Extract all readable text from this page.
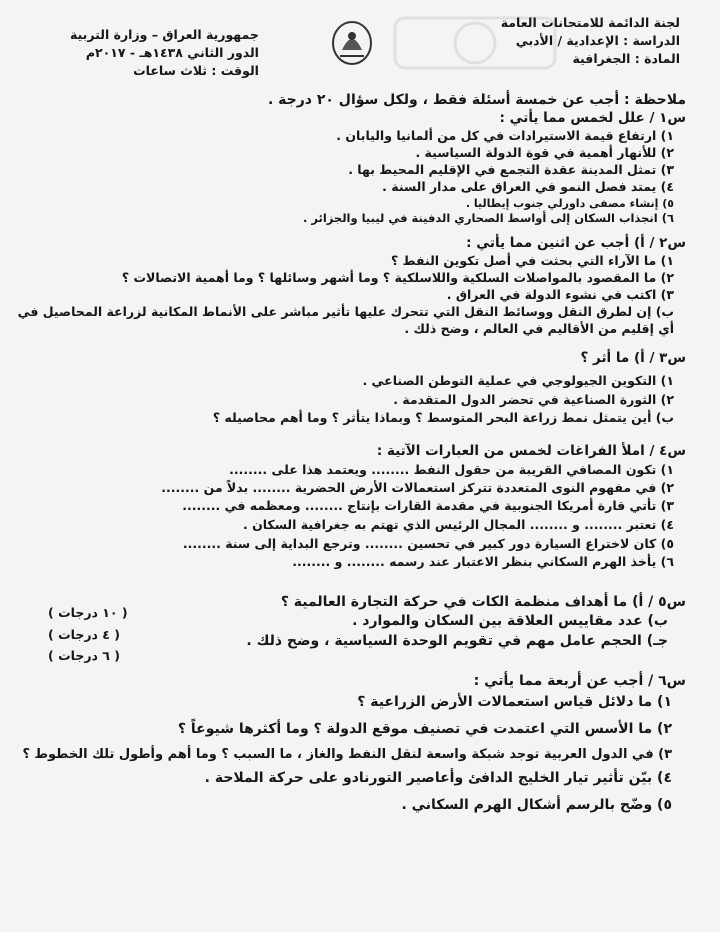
لجنة الدائمة للامتحانات العامة
الدراسة : الإعدادية / الأدبي
المادة : الجغرافية
جمهورية العراق – وزارة التربية
الدور الثاني ١٤٣٨هـ - ٢٠١٧م
الوقت : ثلاث ساعات
ملاحظة : أجب عن خمسة أسئلة فقط ، ولكل سؤال ٢٠ درجة .
س١ / علل لخمس مما يأتي :
١) ارتفاع قيمة الاستيرادات في كل من ألمانيا واليابان .
٢) للأنهار أهمية في قوة الدولة السياسية .
٣) تمثل المدينة عقدة التجمع في الإقليم المحيط بها .
٤) يمتد فصل النمو في العراق على مدار السنة .
٥) إنشاء مصفى داورلي جنوب إيطاليا .
٦) انجذاب السكان إلى أواسط الصحاري الدفينة في ليبيا والجزائر .
س٢ / أ) أجب عن اثنين مما يأتي :
١) ما الآراء التي بحثت في أصل تكوين النفط ؟
٢) ما المقصود بالمواصلات السلكية واللاسلكية ؟ وما أشهر وسائلها ؟ وما أهمية الاتصالات ؟
٣) اكتب في نشوء الدولة في العراق .
ب) إن لطرق النقل ووسائط النقل التي تتحرك عليها تأثير مباشر على الأنماط المكانية لزراعة المحاصيل في
أي إقليم من الأقاليم في العالم ، وضح ذلك .
س٣ / أ) ما أثر ؟
١) التكوين الجيولوجي في عملية التوطن الصناعي .
٢) الثورة الصناعية في تحضر الدول المتقدمة .
ب) أين يتمثل نمط زراعة البحر المتوسط ؟ وبماذا يتأثر ؟ وما أهم محاصيله ؟
س٤ / املأ الفراغات لخمس من العبارات الآتية :
١) تكون المصافي القريبة من حقول النفط ........ ويعتمد هذا على ........
٢) في مفهوم النوى المتعددة تتركز استعمالات الأرض الحضرية ........ بدلاً من ........
٣) تأتي قارة أمريكا الجنوبية في مقدمة القارات بإنتاج ........ ومعظمه في ........
٤) تعتبر ........ و ........ المجال الرئيس الذي تهتم به جغرافية السكان .
٥) كان لاختراع السيارة دور كبير في تحسين ........ وترجع البداية إلى سنة ........
٦) يأخذ الهرم السكاني بنظر الاعتبار عند رسمه ........ و ........
س٥ / أ) ما أهداف منظمة الكات في حركة التجارة العالمية ؟
ب) عدد مقاييس العلاقة بين السكان والموارد .
جـ) الحجم عامل مهم في تقويم الوحدة السياسية ، وضح ذلك .
( ١٠ درجات )
( ٤ درجات )
( ٦ درجات )
س٦ / أجب عن أربعة مما يأتي :
١) ما دلائل قياس استعمالات الأرض الزراعية ؟
٢) ما الأسس التي اعتمدت في تصنيف موقع الدولة ؟ وما أكثرها شيوعاً ؟
٣) في الدول العربية توجد شبكة واسعة لنقل النفط والغاز ، ما السبب ؟ وما أهم وأطول تلك الخطوط ؟
٤) بيّن تأثير تيار الخليج الدافئ وأعاصير التورنادو على حركة الملاحة .
٥) وضّح بالرسم أشكال الهرم السكاني .
